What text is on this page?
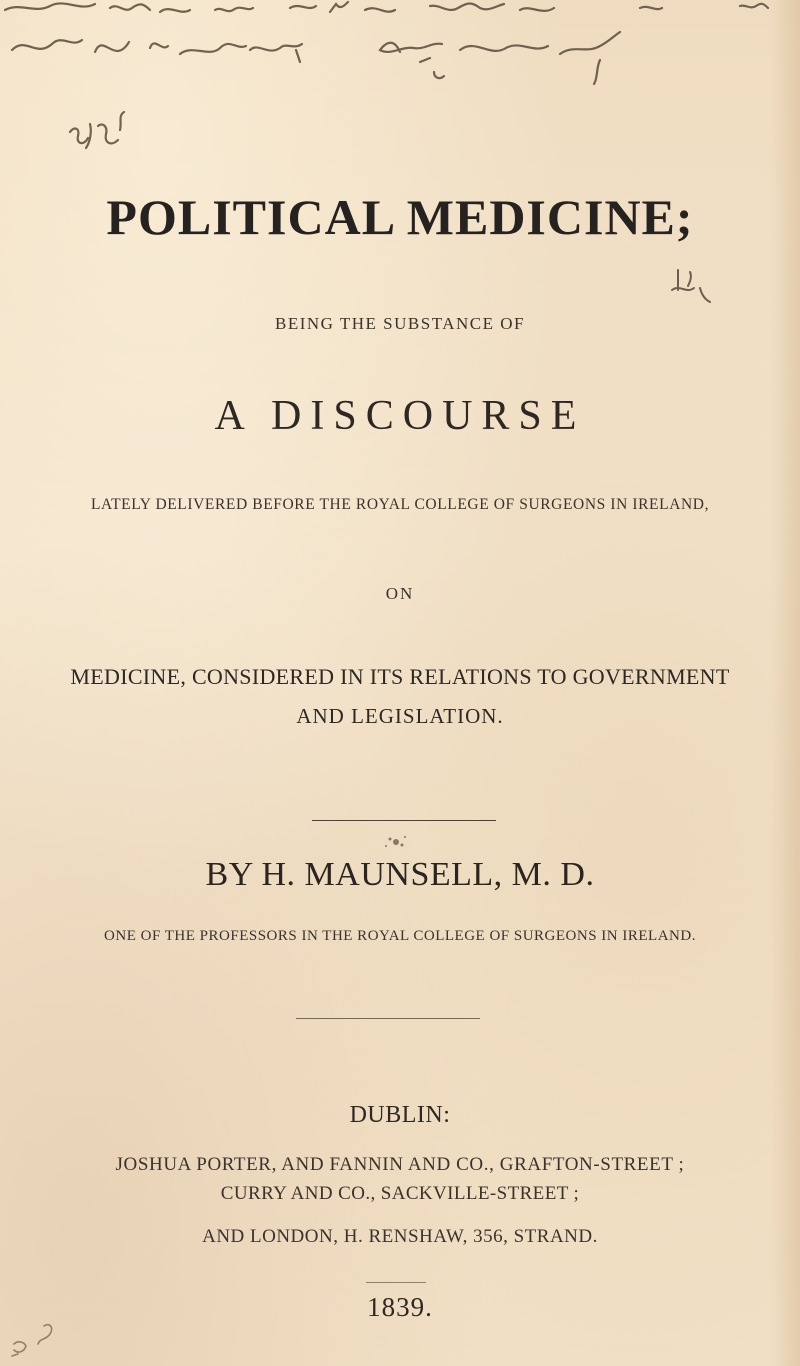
POLITICAL MEDICINE;
BEING THE SUBSTANCE OF
A DISCOURSE
LATELY DELIVERED BEFORE THE ROYAL COLLEGE OF SURGEONS IN IRELAND,
ON
MEDICINE, CONSIDERED IN ITS RELATIONS TO GOVERNMENT
AND LEGISLATION.
BY H. MAUNSELL, M. D.
ONE OF THE PROFESSORS IN THE ROYAL COLLEGE OF SURGEONS IN IRELAND.
DUBLIN:
JOSHUA PORTER, AND FANNIN AND CO., GRAFTON-STREET ;
CURRY AND CO., SACKVILLE-STREET ;
AND LONDON, H. RENSHAW, 356, STRAND.
1839.
